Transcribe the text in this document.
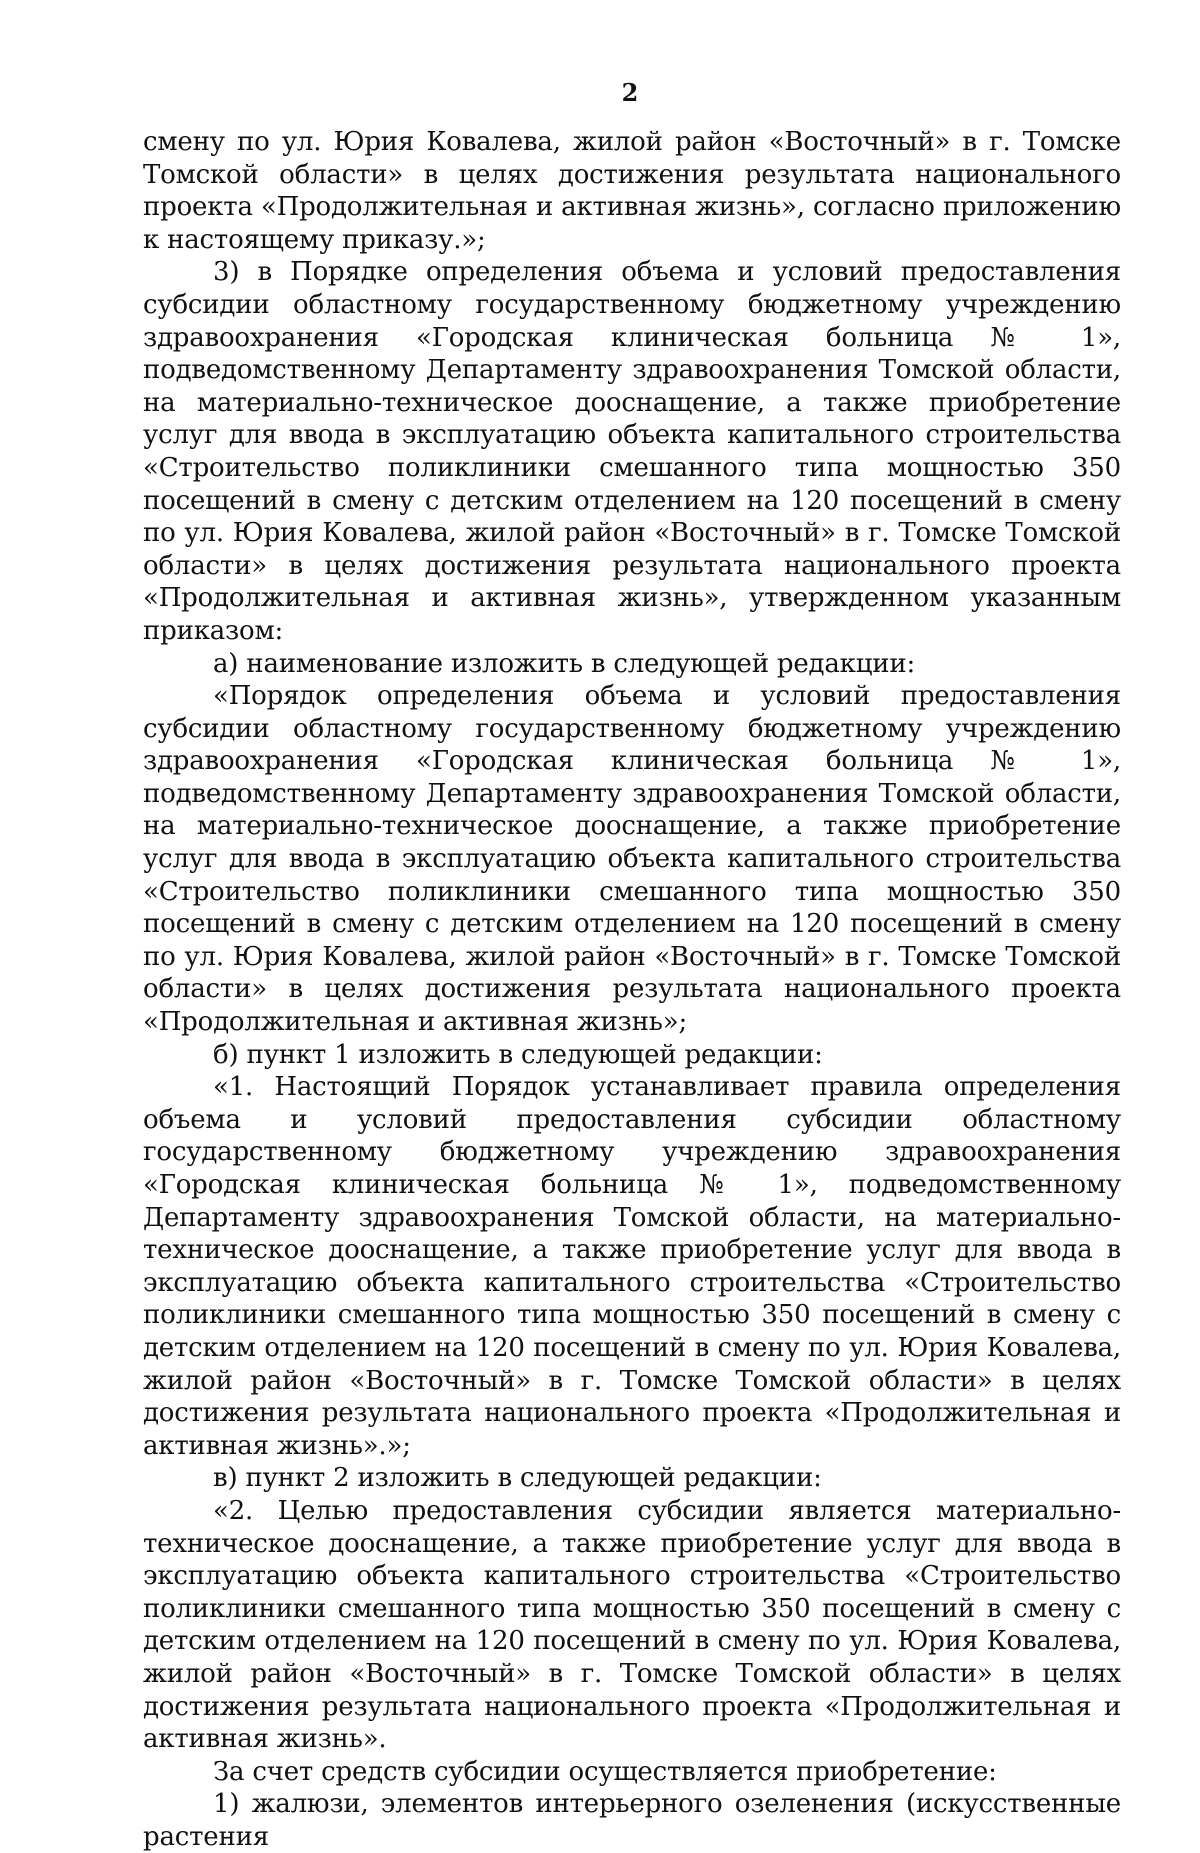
2

смену по ул. Юрия Ковалева, жилой район «Восточный» в г. Томске Томской области» в целях достижения результата национального проекта «Продолжительная и активная жизнь», согласно приложению к настоящему приказу.»;

3) в Порядке определения объема и условий предоставления субсидии областному государственному бюджетному учреждению здравоохранения «Городская клиническая больница № 1», подведомственному Департаменту здравоохранения Томской области, на материально-техническое дооснащение, а также приобретение услуг для ввода в эксплуатацию объекта капитального строительства «Строительство поликлиники смешанного типа мощностью 350 посещений в смену с детским отделением на 120 посещений в смену по ул. Юрия Ковалева, жилой район «Восточный» в г. Томске Томской области» в целях достижения результата национального проекта «Продолжительная и активная жизнь», утвержденном указанным приказом:

а) наименование изложить в следующей редакции:

«Порядок определения объема и условий предоставления субсидии областному государственному бюджетному учреждению здравоохранения «Городская клиническая больница № 1», подведомственному Департаменту здравоохранения Томской области, на материально-техническое дооснащение, а также приобретение услуг для ввода в эксплуатацию объекта капитального строительства «Строительство поликлиники смешанного типа мощностью 350 посещений в смену с детским отделением на 120 посещений в смену по ул. Юрия Ковалева, жилой район «Восточный» в г. Томске Томской области» в целях достижения результата национального проекта «Продолжительная и активная жизнь»;

б) пункт 1 изложить в следующей редакции:

«1. Настоящий Порядок устанавливает правила определения объема и условий предоставления субсидии областному государственному бюджетному учреждению здравоохранения «Городская клиническая больница № 1», подведомственному Департаменту здравоохранения Томской области, на материально-техническое дооснащение, а также приобретение услуг для ввода в эксплуатацию объекта капитального строительства «Строительство поликлиники смешанного типа мощностью 350 посещений в смену с детским отделением на 120 посещений в смену по ул. Юрия Ковалева, жилой район «Восточный» в г. Томске Томской области» в целях достижения результата национального проекта «Продолжительная и активная жизнь».»;

в) пункт 2 изложить в следующей редакции:

«2. Целью предоставления субсидии является материально-техническое дооснащение, а также приобретение услуг для ввода в эксплуатацию объекта капитального строительства «Строительство поликлиники смешанного типа мощностью 350 посещений в смену с детским отделением на 120 посещений в смену по ул. Юрия Ковалева, жилой район «Восточный» в г. Томске Томской области» в целях достижения результата национального проекта «Продолжительная и активная жизнь».

За счет средств субсидии осуществляется приобретение:

1) жалюзи, элементов интерьерного озеленения (искусственные растения
